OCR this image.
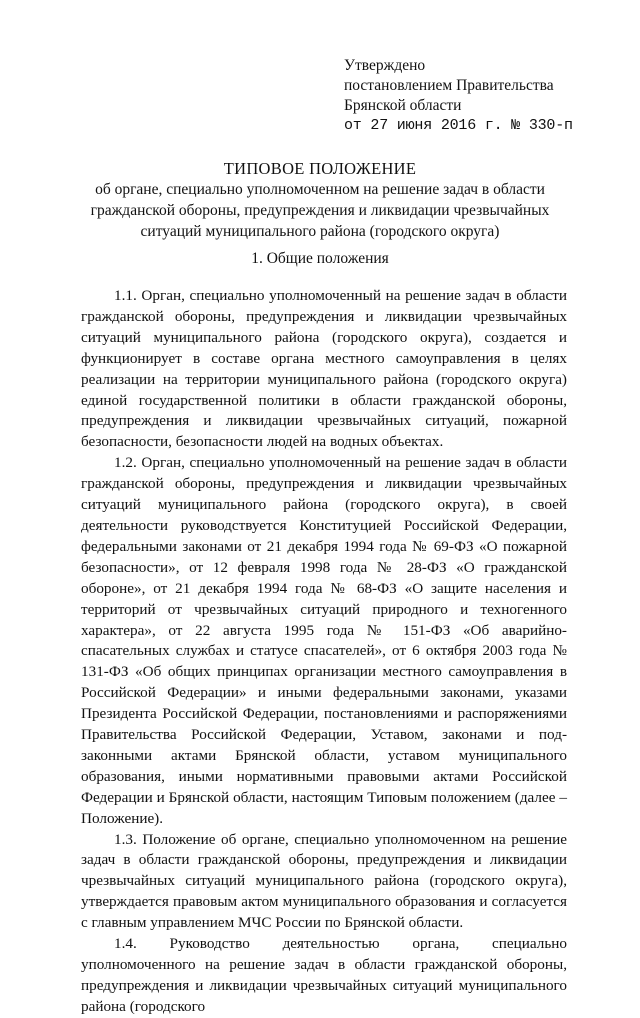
Утверждено
постановлением Правительства
Брянской области
от 27 июня 2016 г. № 330-п
ТИПОВОЕ ПОЛОЖЕНИЕ
об органе, специально уполномоченном на решение задач в области
гражданской обороны, предупреждения и ликвидации чрезвычайных
ситуаций муниципального района (городского округа)
1. Общие положения

1.1. Орган, специально уполномоченный на решение задач в области гражданской обороны, предупреждения и ликвидации чрезвычайных ситуаций муниципального района (городского округа), создается и функционирует в составе органа местного самоуправления в целях реализации на территории муниципального района (городского округа) единой государственной политики в области гражданской обороны, предупреждения и ликвидации чрезвычайных ситуаций, пожарной безопасности, безопасности людей на водных объектах.

1.2. Орган, специально уполномоченный на решение задач в области гражданской обороны, предупреждения и ликвидации чрезвычайных ситуаций муниципального района (городского округа), в своей деятельности руководствуется Конституцией Российской Федерации, федеральными законами от 21 декабря 1994 года № 69-ФЗ «О пожарной безопасности», от 12 февраля 1998 года № 28-ФЗ «О гражданской обороне», от 21 декабря 1994 года № 68-ФЗ «О защите населения и территорий от чрезвычайных ситуаций природного и техногенного характера», от 22 августа 1995 года № 151-ФЗ «Об аварийно-спасательных службах и статусе спасателей», от 6 октября 2003 года № 131-ФЗ «Об общих принципах организации местного самоуправления в Российской Федерации» и иными федеральными законами, указами Президента Российской Федерации, постановлениями и распоряжениями Правительства Российской Федерации, Уставом, законами и подзаконными актами Брянской области, уставом муниципального образования, иными нормативными правовыми актами Российской Федерации и Брянской области, настоящим Типовым положением (далее – Положение).

1.3. Положение об органе, специально уполномоченном на решение задач в области гражданской обороны, предупреждения и ликвидации чрезвычайных ситуаций муниципального района (городского округа), утверждается правовым актом муниципального образования и согласуется с главным управлением МЧС России по Брянской области.

1.4. Руководство деятельностью органа, специально уполномоченного на решение задач в области гражданской обороны, предупреждения и ликвидации чрезвычайных ситуаций муниципального района (городского
